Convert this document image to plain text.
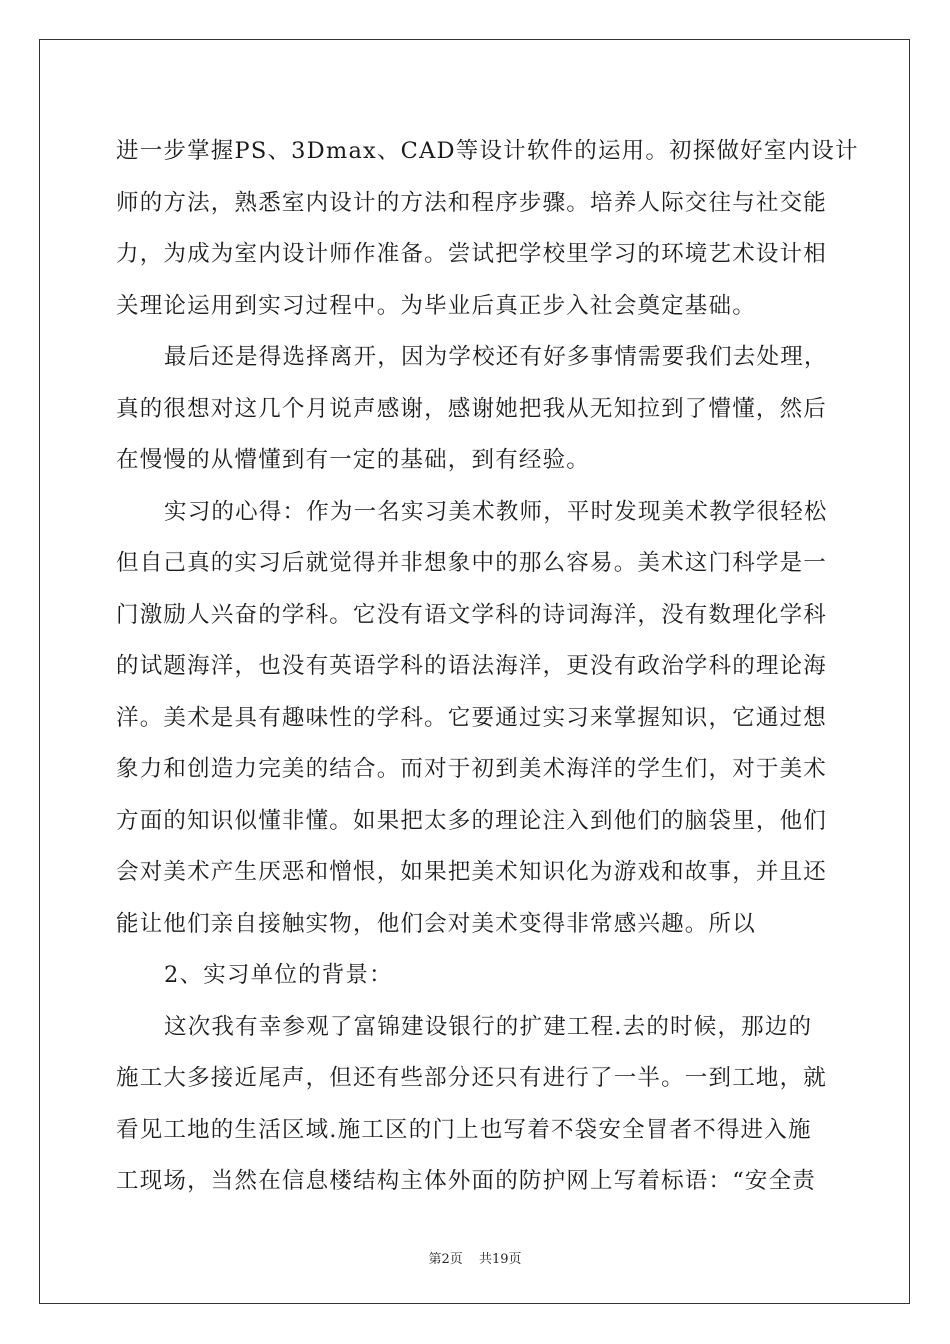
进一步掌握PS、3Dmax、CAD等设计软件的运用。初探做好室内设计
师的方法，熟悉室内设计的方法和程序步骤。培养人际交往与社交能
力，为成为室内设计师作准备。尝试把学校里学习的环境艺术设计相
关理论运用到实习过程中。为毕业后真正步入社会奠定基础。
最后还是得选择离开，因为学校还有好多事情需要我们去处理，
真的很想对这几个月说声感谢，感谢她把我从无知拉到了懵懂，然后
在慢慢的从懵懂到有一定的基础，到有经验。
实习的心得：作为一名实习美术教师，平时发现美术教学很轻松
但自己真的实习后就觉得并非想象中的那么容易。美术这门科学是一
门激励人兴奋的学科。它没有语文学科的诗词海洋，没有数理化学科
的试题海洋，也没有英语学科的语法海洋，更没有政治学科的理论海
洋。美术是具有趣味性的学科。它要通过实习来掌握知识，它通过想
象力和创造力完美的结合。而对于初到美术海洋的学生们，对于美术
方面的知识似懂非懂。如果把太多的理论注入到他们的脑袋里，他们
会对美术产生厌恶和憎恨，如果把美术知识化为游戏和故事，并且还
能让他们亲自接触实物，他们会对美术变得非常感兴趣。所以
2、实习单位的背景：
这次我有幸参观了富锦建设银行的扩建工程.去的时候，那边的
施工大多接近尾声，但还有些部分还只有进行了一半。一到工地，就
看见工地的生活区域.施工区的门上也写着不袋安全冒者不得进入施
工现场，当然在信息楼结构主体外面的防护网上写着标语：“安全责
第2页 共19页
